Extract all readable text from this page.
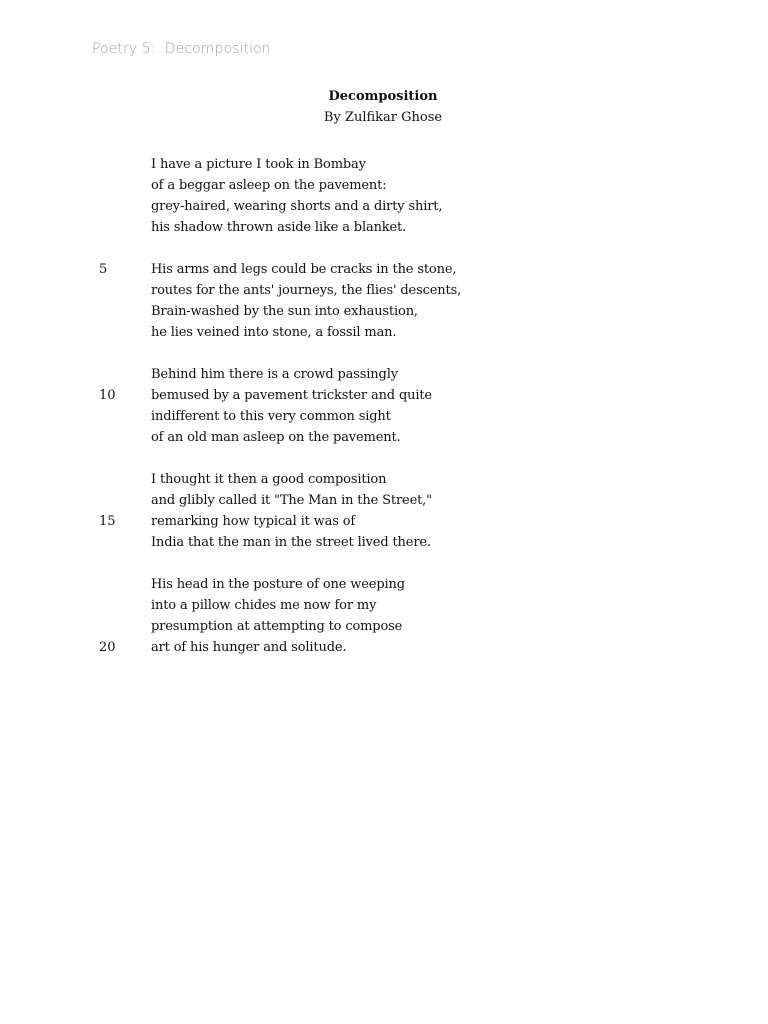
Poetry 5:  Decomposition
Decomposition
By Zulfikar Ghose
I have a picture I took in Bombay
of a beggar asleep on the pavement:
grey-haired, wearing shorts and a dirty shirt,
his shadow thrown aside like a blanket.
5	His arms and legs could be cracks in the stone,
routes for the ants' journeys, the flies' descents,
Brain-washed by the sun into exhaustion,
he lies veined into stone, a fossil man.
Behind him there is a crowd passingly
10	bemused by a pavement trickster and quite
indifferent to this very common sight
of an old man asleep on the pavement.
I thought it then a good composition
and glibly called it "The Man in the Street,"
15	remarking how typical it was of
India that the man in the street lived there.
His head in the posture of one weeping
into a pillow chides me now for my
presumption at attempting to compose
20	art of his hunger and solitude.
